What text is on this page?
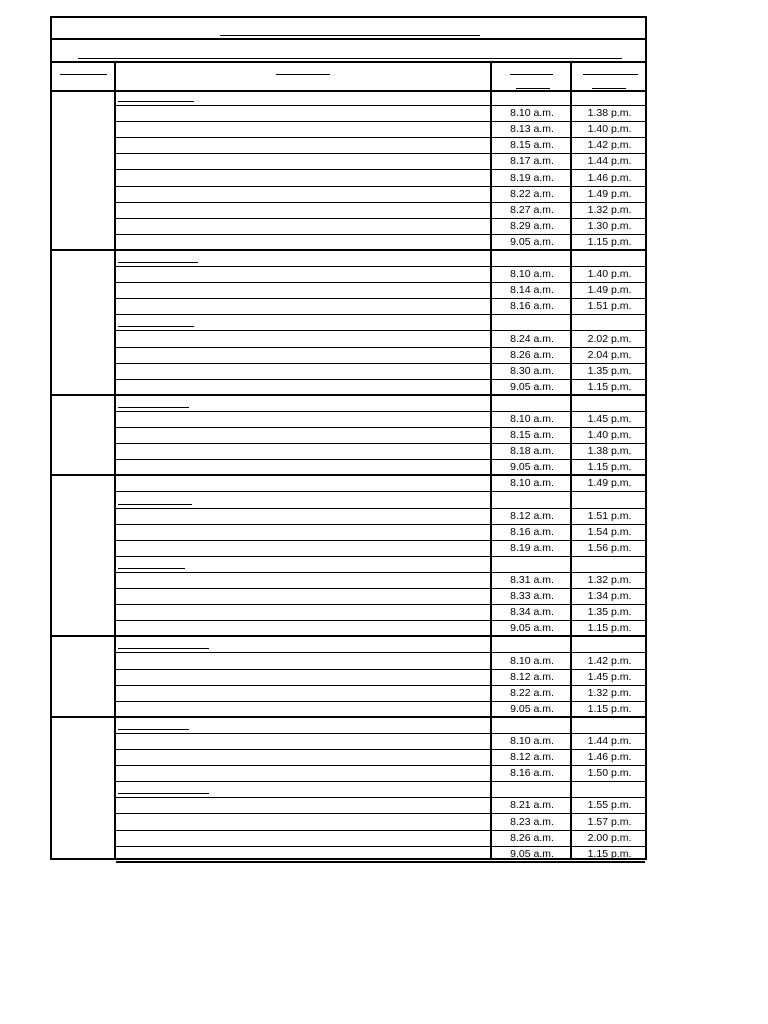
8.10 a.m.	1.38 p.m.
8.13 a.m.	1.40 p.m.
8.15 a.m.	1.42 p.m.
8.17 a.m.	1.44 p.m.
8.19 a.m.	1.46 p.m.
8.22 a.m.	1.49 p.m.
8.27 a.m.	1.32 p.m.
8.29 a.m.	1.30 p.m.
9.05 a.m.	1.15 p.m.
8.10 a.m.	1.40 p.m.
8.14 a.m.	1.49 p.m.
8.16 a.m.	1.51 p.m.
8.24 a.m.	2.02 p.m.
8.26 a.m.	2.04 p.m.
8.30 a.m.	1.35 p.m.
9.05 a.m.	1.15 p.m.
8.10 a.m.	1.45 p.m.
8.15 a.m.	1.40 p.m.
8.18 a.m.	1.38 p.m.
9.05 a.m.	1.15 p.m.
8.10 a.m.	1.49 p.m.
8.12 a.m.	1.51 p.m.
8.16 a.m.	1.54 p.m.
8.19 a.m.	1.56 p.m.
8.31 a.m.	1.32 p.m.
8.33 a.m.	1.34 p.m.
8.34 a.m.	1.35 p.m.
9.05 a.m.	1.15 p.m.
8.10 a.m.	1.42 p.m.
8.12 a.m.	1.45 p.m.
8.22 a.m.	1.32 p.m.
9.05 a.m.	1.15 p.m.
8.10 a.m.	1.44 p.m.
8.12 a.m.	1.46 p.m.
8.16 a.m.	1.50 p.m.
8.21 a.m.	1.55 p.m.
8.23 a.m.	1.57 p.m.
8.26 a.m.	2.00 p.m.
9.05 a.m.	1.15 p.m.
